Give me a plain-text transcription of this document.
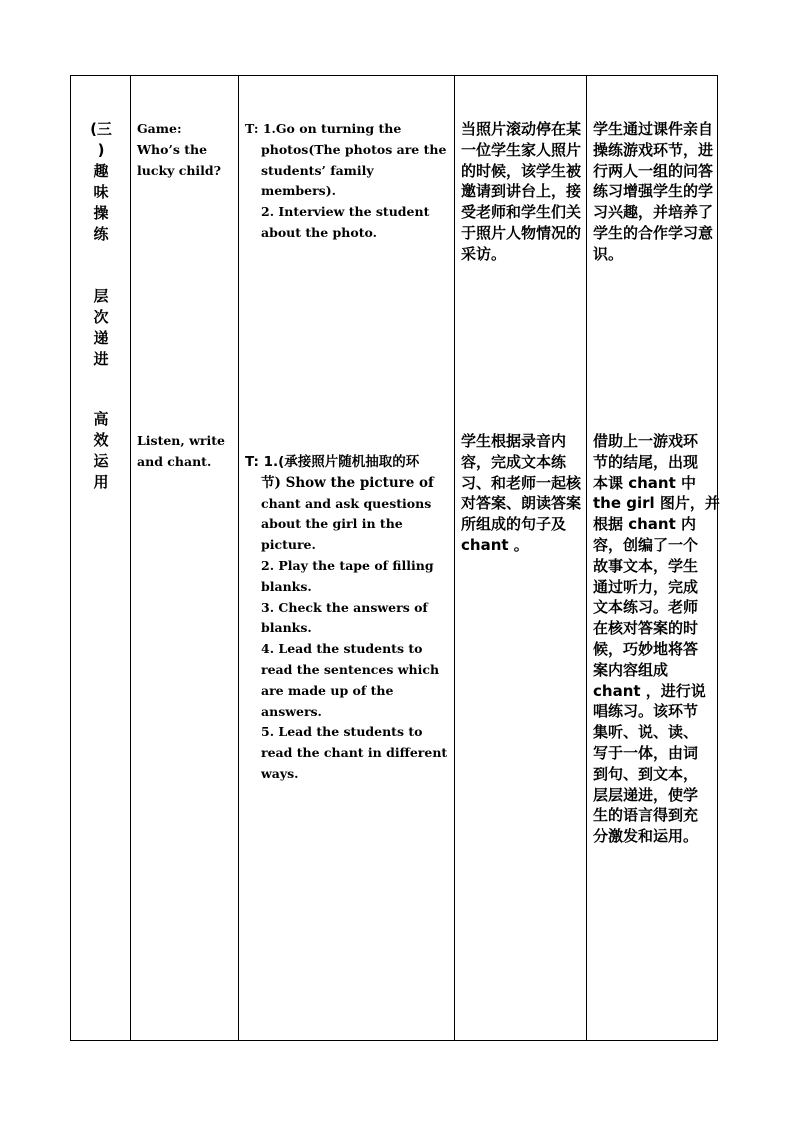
(三
)
趣
味
操
练
层
次
递
进
高
效
运
用
Game:
Who’s the
lucky child?
T: 1.Go on turning the
photos(The photos are the
students’ family
members).
2. Interview the student
about the photo.
当照片滚动停在某一位学生家人照片的时候，该学生被邀请到讲台上，接受老师和学生们关于照片人物情况的采访。
学生通过课件亲自操练游戏环节，进行两人一组的问答练习增强学生的学习兴趣，并培养了学生的合作学习意识。
Listen, write
and chant.	T: 1.(承接照片随机抽取的环
节) Show the picture of
chant and ask questions
about the girl in the
picture.
2. Play the tape of filling
blanks.
3. Check the answers of
blanks.
4. Lead the students to
read the sentences which
are made up of the
answers.
5. Lead the students to
read the chant in different
ways.
学生根据录音内容，完成文本练习、和老师一起核对答案、朗读答案所组成的句子及chant 。
借助上一游戏环
节的结尾，出现
本课 chant 中
the girl 图片，并
根据 chant 内
容，创编了一个
故事文本，学生
通过听力，完成
文本练习。老师
在核对答案的时
候，巧妙地将答
案内容组成
chant ，进行说
唱练习。该环节
集听、说、读、
写于一体，由词
到句、到文本，
层层递进，使学
生的语言得到充
分激发和运用。
